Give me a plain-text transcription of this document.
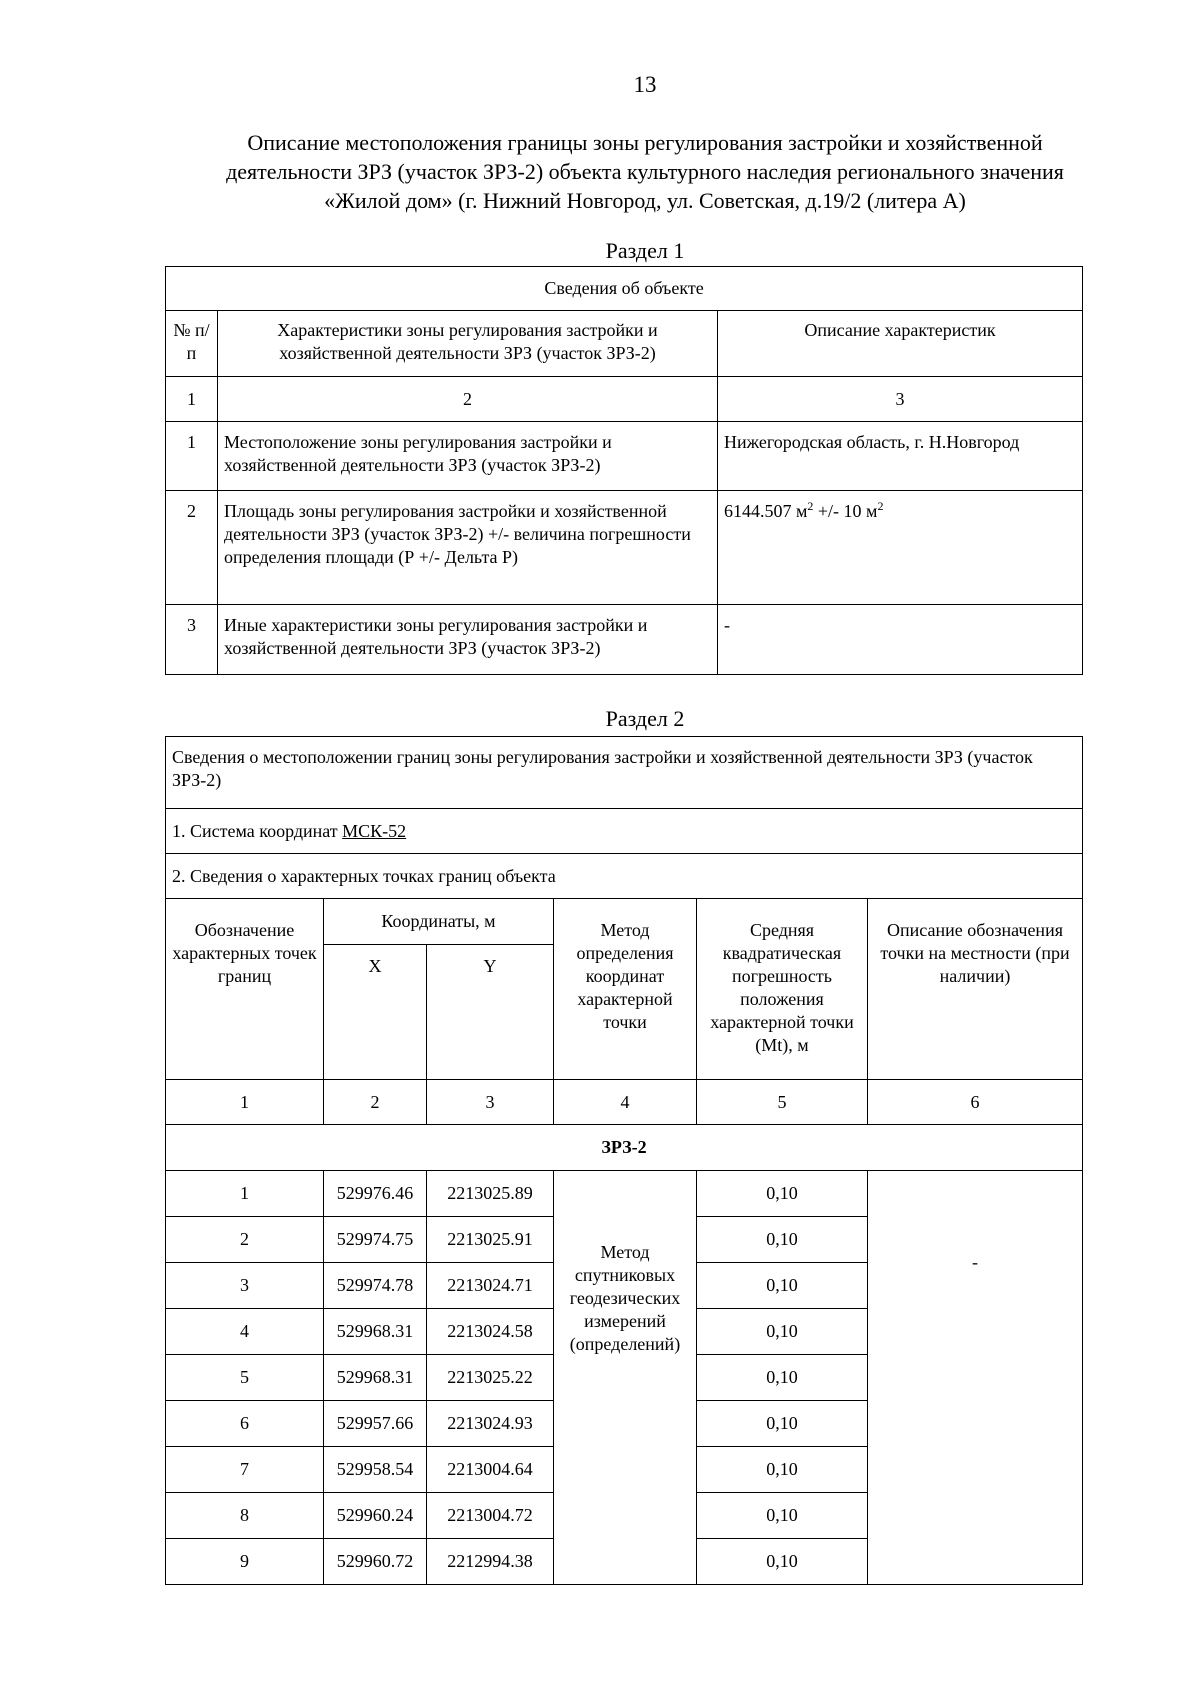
13
Описание местоположения границы зоны регулирования застройки и хозяйственной
деятельности ЗРЗ (участок ЗРЗ-2) объекта культурного наследия регионального значения
«Жилой дом» (г. Нижний Новгород, ул. Советская, д.19/2 (литера А)
Раздел 1
Сведения об объекте		
№ п/п	Характеристики зоны регулирования застройки и хозяйственной деятельности ЗРЗ (участок ЗРЗ-2)	Описание характеристик
1	2	3
1	Местоположение зоны регулирования застройки и хозяйственной деятельности ЗРЗ (участок ЗРЗ-2)	Нижегородская область, г. Н.Новгород
2	Площадь зоны регулирования застройки и хозяйственной деятельности ЗРЗ (участок ЗРЗ-2) +/- величина погрешности определения площади (Р +/- Дельта Р)	6144.507 $м^2$ +/- 10 $м^2$
3	Иные характеристики зоны регулирования застройки и хозяйственной деятельности ЗРЗ (участок ЗРЗ-2)	-
Раздел 2
Сведения о местоположении границ зоны регулирования застройки и хозяйственной деятельности ЗРЗ (участок ЗРЗ-2)					
1. Система координат МСК-52					
2. Сведения о характерных точках границ объекта					
Обозначение характерных точек границ	Координаты, м		Метод определения координат характерной точки	Средняя квадратическая погрешность положения характерной точки (Mt), м	Описание обозначения точки на местности (при наличии)
	X	Y			
1	2	3	4	5	6
ЗРЗ-2					
1	529976.46	2213025.89	Метод спутниковых геодезических измерений (определений)	0,10	-
2	529974.75	2213025.91		0,10	
3	529974.78	2213024.71		0,10	
4	529968.31	2213024.58		0,10	
5	529968.31	2213025.22		0,10	
6	529957.66	2213024.93		0,10	
7	529958.54	2213004.64		0,10	
8	529960.24	2213004.72		0,10	
9	529960.72	2212994.38		0,10	
